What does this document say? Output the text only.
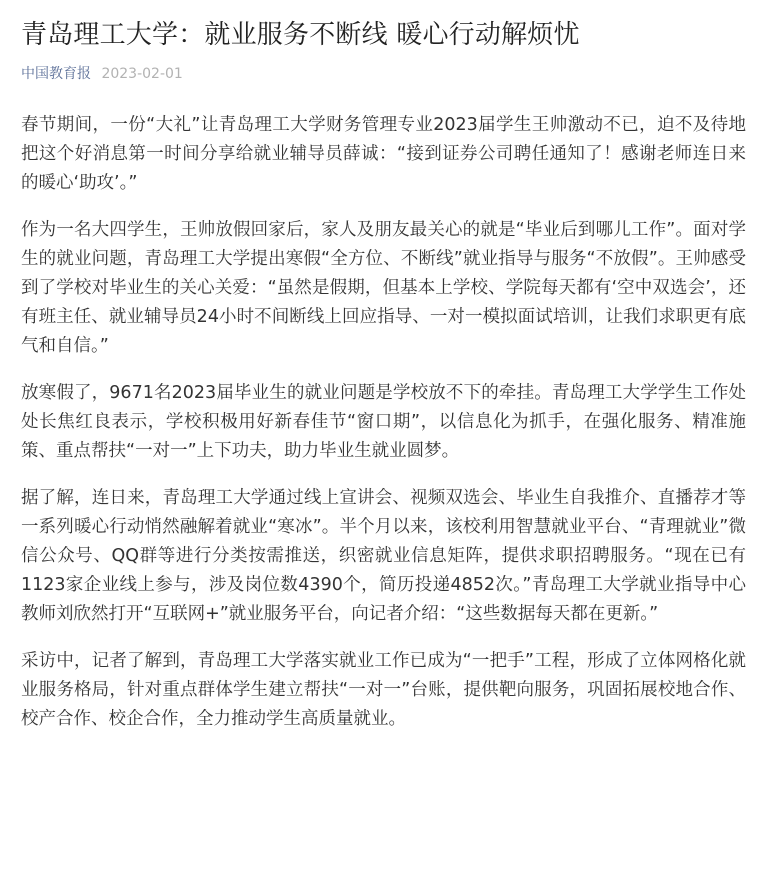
青岛理工大学：就业服务不断线 暖心行动解烦忧
中国教育报 2023-02-01

春节期间，一份“大礼”让青岛理工大学财务管理专业2023届学生王帅激动不已，迫不及待地把这个好消息第一时间分享给就业辅导员薛诚：“接到证券公司聘任通知了！感谢老师连日来的暖心‘助攻’。”

作为一名大四学生，王帅放假回家后，家人及朋友最关心的就是“毕业后到哪儿工作”。面对学生的就业问题，青岛理工大学提出寒假“全方位、不断线”就业指导与服务“不放假”。王帅感受到了学校对毕业生的关心关爱：“虽然是假期，但基本上学校、学院每天都有‘空中双选会’，还有班主任、就业辅导员24小时不间断线上回应指导、一对一模拟面试培训，让我们求职更有底气和自信。”

放寒假了，9671名2023届毕业生的就业问题是学校放不下的牵挂。青岛理工大学学生工作处处长焦红良表示，学校积极用好新春佳节“窗口期”，以信息化为抓手，在强化服务、精准施策、重点帮扶“一对一”上下功夫，助力毕业生就业圆梦。

据了解，连日来，青岛理工大学通过线上宣讲会、视频双选会、毕业生自我推介、直播荐才等一系列暖心行动悄然融解着就业“寒冰”。半个月以来，该校利用智慧就业平台、“青理就业”微信公众号、QQ群等进行分类按需推送，织密就业信息矩阵，提供求职招聘服务。“现在已有1123家企业线上参与，涉及岗位数4390个，简历投递4852次。”青岛理工大学就业指导中心教师刘欣然打开“互联网+”就业服务平台，向记者介绍：“这些数据每天都在更新。”

采访中，记者了解到，青岛理工大学落实就业工作已成为“一把手”工程，形成了立体网格化就业服务格局，针对重点群体学生建立帮扶“一对一”台账，提供靶向服务，巩固拓展校地合作、校产合作、校企合作，全力推动学生高质量就业。
